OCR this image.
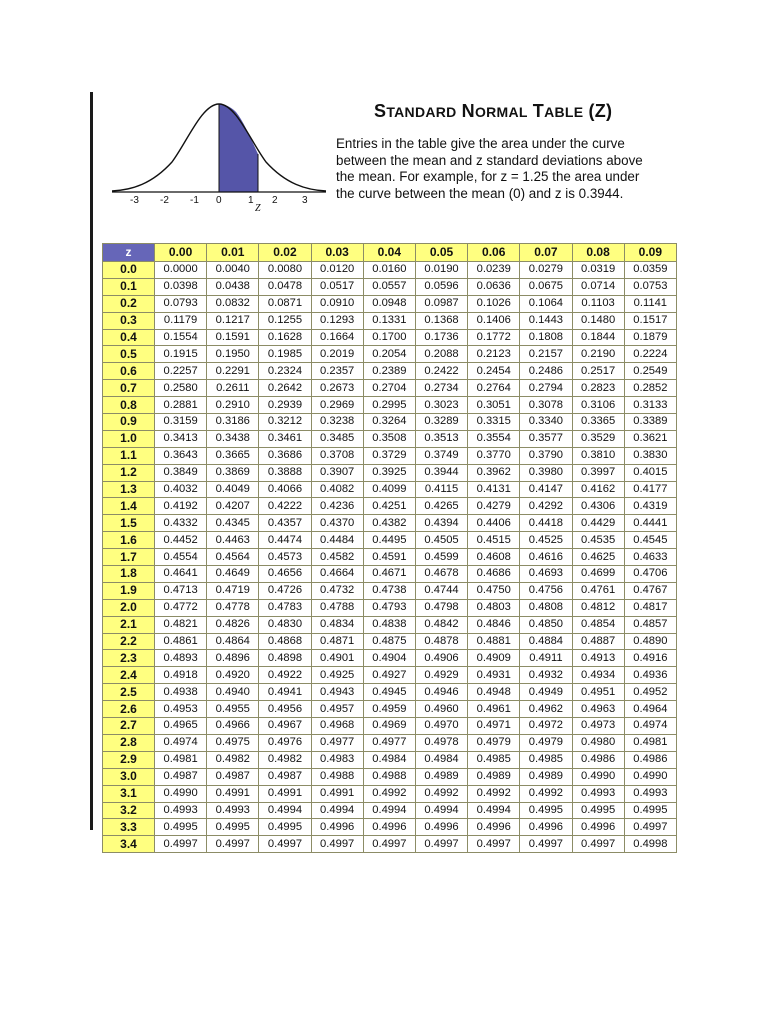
-3 -2 -1 0	1 2 3
Z
STANDARD NORMAL TABLE (Z)
Entries in the table give the area under the curve
between the mean and z standard deviations above
the mean. For example, for z = 1.25 the area under
the curve between the mean (0) and z is 0.3944.
z	0.00	0.01	0.02	0.03	0.04	0.05	0.06	0.07	0.08	0.09
0.0	0.0000	0.0040	0.0080	0.0120	0.0160	0.0190	0.0239	0.0279	0.0319	0.0359
0.1	0.0398	0.0438	0.0478	0.0517	0.0557	0.0596	0.0636	0.0675	0.0714	0.0753
0.2	0.0793	0.0832	0.0871	0.0910	0.0948	0.0987	0.1026	0.1064	0.1103	0.1141
0.3	0.1179	0.1217	0.1255	0.1293	0.1331	0.1368	0.1406	0.1443	0.1480	0.1517
0.4	0.1554	0.1591	0.1628	0.1664	0.1700	0.1736	0.1772	0.1808	0.1844	0.1879
0.5	0.1915	0.1950	0.1985	0.2019	0.2054	0.2088	0.2123	0.2157	0.2190	0.2224
0.6	0.2257	0.2291	0.2324	0.2357	0.2389	0.2422	0.2454	0.2486	0.2517	0.2549
0.7	0.2580	0.2611	0.2642	0.2673	0.2704	0.2734	0.2764	0.2794	0.2823	0.2852
0.8	0.2881	0.2910	0.2939	0.2969	0.2995	0.3023	0.3051	0.3078	0.3106	0.3133
0.9	0.3159	0.3186	0.3212	0.3238	0.3264	0.3289	0.3315	0.3340	0.3365	0.3389
1.0	0.3413	0.3438	0.3461	0.3485	0.3508	0.3513	0.3554	0.3577	0.3529	0.3621
1.1	0.3643	0.3665	0.3686	0.3708	0.3729	0.3749	0.3770	0.3790	0.3810	0.3830
1.2	0.3849	0.3869	0.3888	0.3907	0.3925	0.3944	0.3962	0.3980	0.3997	0.4015
1.3	0.4032	0.4049	0.4066	0.4082	0.4099	0.4115	0.4131	0.4147	0.4162	0.4177
1.4	0.4192	0.4207	0.4222	0.4236	0.4251	0.4265	0.4279	0.4292	0.4306	0.4319
1.5	0.4332	0.4345	0.4357	0.4370	0.4382	0.4394	0.4406	0.4418	0.4429	0.4441
1.6	0.4452	0.4463	0.4474	0.4484	0.4495	0.4505	0.4515	0.4525	0.4535	0.4545
1.7	0.4554	0.4564	0.4573	0.4582	0.4591	0.4599	0.4608	0.4616	0.4625	0.4633
1.8	0.4641	0.4649	0.4656	0.4664	0.4671	0.4678	0.4686	0.4693	0.4699	0.4706
1.9	0.4713	0.4719	0.4726	0.4732	0.4738	0.4744	0.4750	0.4756	0.4761	0.4767
2.0	0.4772	0.4778	0.4783	0.4788	0.4793	0.4798	0.4803	0.4808	0.4812	0.4817
2.1	0.4821	0.4826	0.4830	0.4834	0.4838	0.4842	0.4846	0.4850	0.4854	0.4857
2.2	0.4861	0.4864	0.4868	0.4871	0.4875	0.4878	0.4881	0.4884	0.4887	0.4890
2.3	0.4893	0.4896	0.4898	0.4901	0.4904	0.4906	0.4909	0.4911	0.4913	0.4916
2.4	0.4918	0.4920	0.4922	0.4925	0.4927	0.4929	0.4931	0.4932	0.4934	0.4936
2.5	0.4938	0.4940	0.4941	0.4943	0.4945	0.4946	0.4948	0.4949	0.4951	0.4952
2.6	0.4953	0.4955	0.4956	0.4957	0.4959	0.4960	0.4961	0.4962	0.4963	0.4964
2.7	0.4965	0.4966	0.4967	0.4968	0.4969	0.4970	0.4971	0.4972	0.4973	0.4974
2.8	0.4974	0.4975	0.4976	0.4977	0.4977	0.4978	0.4979	0.4979	0.4980	0.4981
2.9	0.4981	0.4982	0.4982	0.4983	0.4984	0.4984	0.4985	0.4985	0.4986	0.4986
3.0	0.4987	0.4987	0.4987	0.4988	0.4988	0.4989	0.4989	0.4989	0.4990	0.4990
3.1	0.4990	0.4991	0.4991	0.4991	0.4992	0.4992	0.4992	0.4992	0.4993	0.4993
3.2	0.4993	0.4993	0.4994	0.4994	0.4994	0.4994	0.4994	0.4995	0.4995	0.4995
3.3	0.4995	0.4995	0.4995	0.4996	0.4996	0.4996	0.4996	0.4996	0.4996	0.4997
3.4	0.4997	0.4997	0.4997	0.4997	0.4997	0.4997	0.4997	0.4997	0.4997	0.4998
